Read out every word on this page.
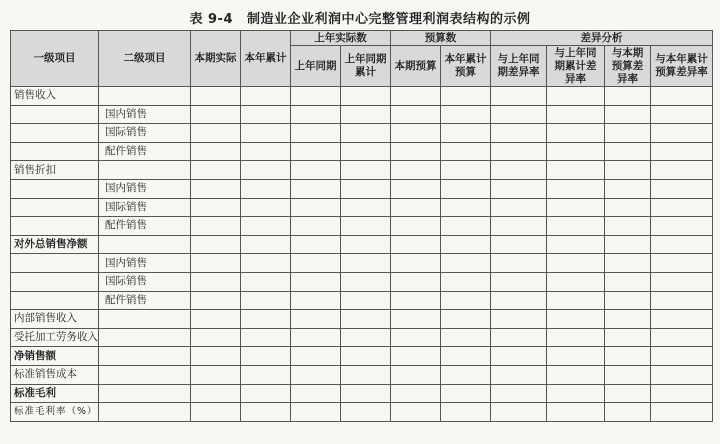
表 9-4 制造业企业利润中心完整管理利润表结构的示例
一级项目	二级项目	本期实际	本年累计	上年实际数		预算数		差异分析			
				上年同期	上年同期累计	本期预算	本年累计预算	与上年同期差异率	与上年同期累计差异率	与本期预算差异率	与本年累计预算差异率
销售收入											
	国内销售										
	国际销售										
	配件销售										
销售折扣											
	国内销售										
	国际销售										
	配件销售										
对外总销售净额											
	国内销售										
	国际销售										
	配件销售										
内部销售收入											
受托加工劳务收入											
净销售额											
标准销售成本											
标准毛利											
标准毛利率（%）											
